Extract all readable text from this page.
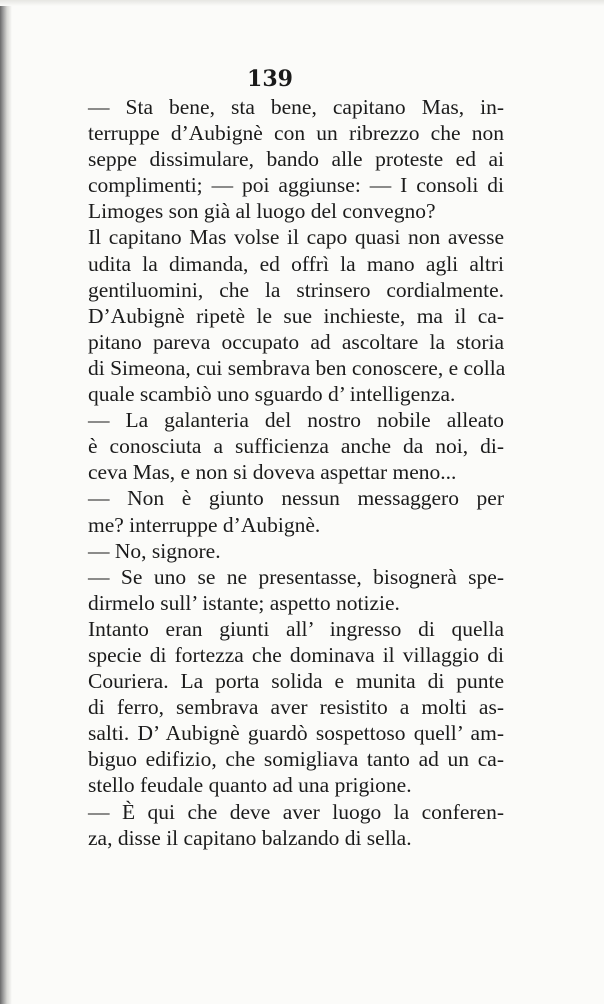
139

— Sta bene, sta bene, capitano Mas, in-
terruppe d’Aubignè con un ribrezzo che non
seppe dissimulare, bando alle proteste ed ai
complimenti; — poi aggiunse: — I consoli di
Limoges son già al luogo del convegno?

Il capitano Mas volse il capo quasi non avesse
udita la dimanda, ed offrì la mano agli altri
gentiluomini, che la strinsero cordialmente.
D’Aubignè ripetè le sue inchieste, ma il ca-
pitano pareva occupato ad ascoltare la storia
di Simeona, cui sembrava ben conoscere, e colla
quale scambiò uno sguardo d’ intelligenza.

— La galanteria del nostro nobile alleato
è conosciuta a sufficienza anche da noi, di-
ceva Mas, e non si doveva aspettar meno...

— Non è giunto nessun messaggero per
me? interruppe d’Aubignè.

— No, signore.

— Se uno se ne presentasse, bisognerà spe-
dirmelo sull’ istante; aspetto notizie.

Intanto eran giunti all’ ingresso di quella
specie di fortezza che dominava il villaggio di
Couriera. La porta solida e munita di punte
di ferro, sembrava aver resistito a molti as-
salti. D’ Aubignè guardò sospettoso quell’ am-
biguo edifizio, che somigliava tanto ad un ca-
stello feudale quanto ad una prigione.

— È qui che deve aver luogo la conferen-
za, disse il capitano balzando di sella.
